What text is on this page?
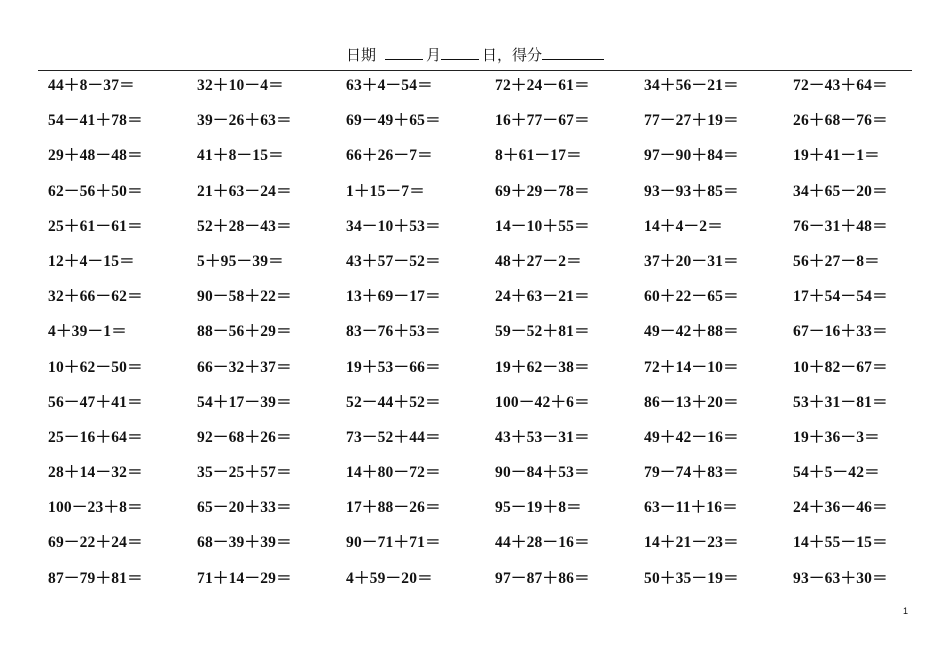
日期	月	日，得分
44＋8－37＝	32＋10－4＝	63＋4－54＝	72＋24－61＝	34＋56－21＝	72－43＋64＝
54－41＋78＝	39－26＋63＝	69－49＋65＝	16＋77－67＝	77－27＋19＝	26＋68－76＝
29＋48－48＝	41＋8－15＝	66＋26－7＝	8＋61－17＝	97－90＋84＝	19＋41－1＝
62－56＋50＝	21＋63－24＝	1＋15－7＝	69＋29－78＝	93－93＋85＝	34＋65－20＝
25＋61－61＝	52＋28－43＝	34－10＋53＝	14－10＋55＝	14＋4－2＝	76－31＋48＝
12＋4－15＝	5＋95－39＝	43＋57－52＝	48＋27－2＝	37＋20－31＝	56＋27－8＝
32＋66－62＝	90－58＋22＝	13＋69－17＝	24＋63－21＝	60＋22－65＝	17＋54－54＝
4＋39－1＝	88－56＋29＝	83－76＋53＝	59－52＋81＝	49－42＋88＝	67－16＋33＝
10＋62－50＝	66－32＋37＝	19＋53－66＝	19＋62－38＝	72＋14－10＝	10＋82－67＝
56－47＋41＝	54＋17－39＝	52－44＋52＝	100－42＋6＝	86－13＋20＝	53＋31－81＝
25－16＋64＝	92－68＋26＝	73－52＋44＝	43＋53－31＝	49＋42－16＝	19＋36－3＝
28＋14－32＝	35－25＋57＝	14＋80－72＝	90－84＋53＝	79－74＋83＝	54＋5－42＝
100－23＋8＝	65－20＋33＝	17＋88－26＝	95－19＋8＝	63－11＋16＝	24＋36－46＝
69－22＋24＝	68－39＋39＝	90－71＋71＝	44＋28－16＝	14＋21－23＝	14＋55－15＝
87－79＋81＝	71＋14－29＝	4＋59－20＝	97－87＋86＝	50＋35－19＝	93－63＋30＝
1
